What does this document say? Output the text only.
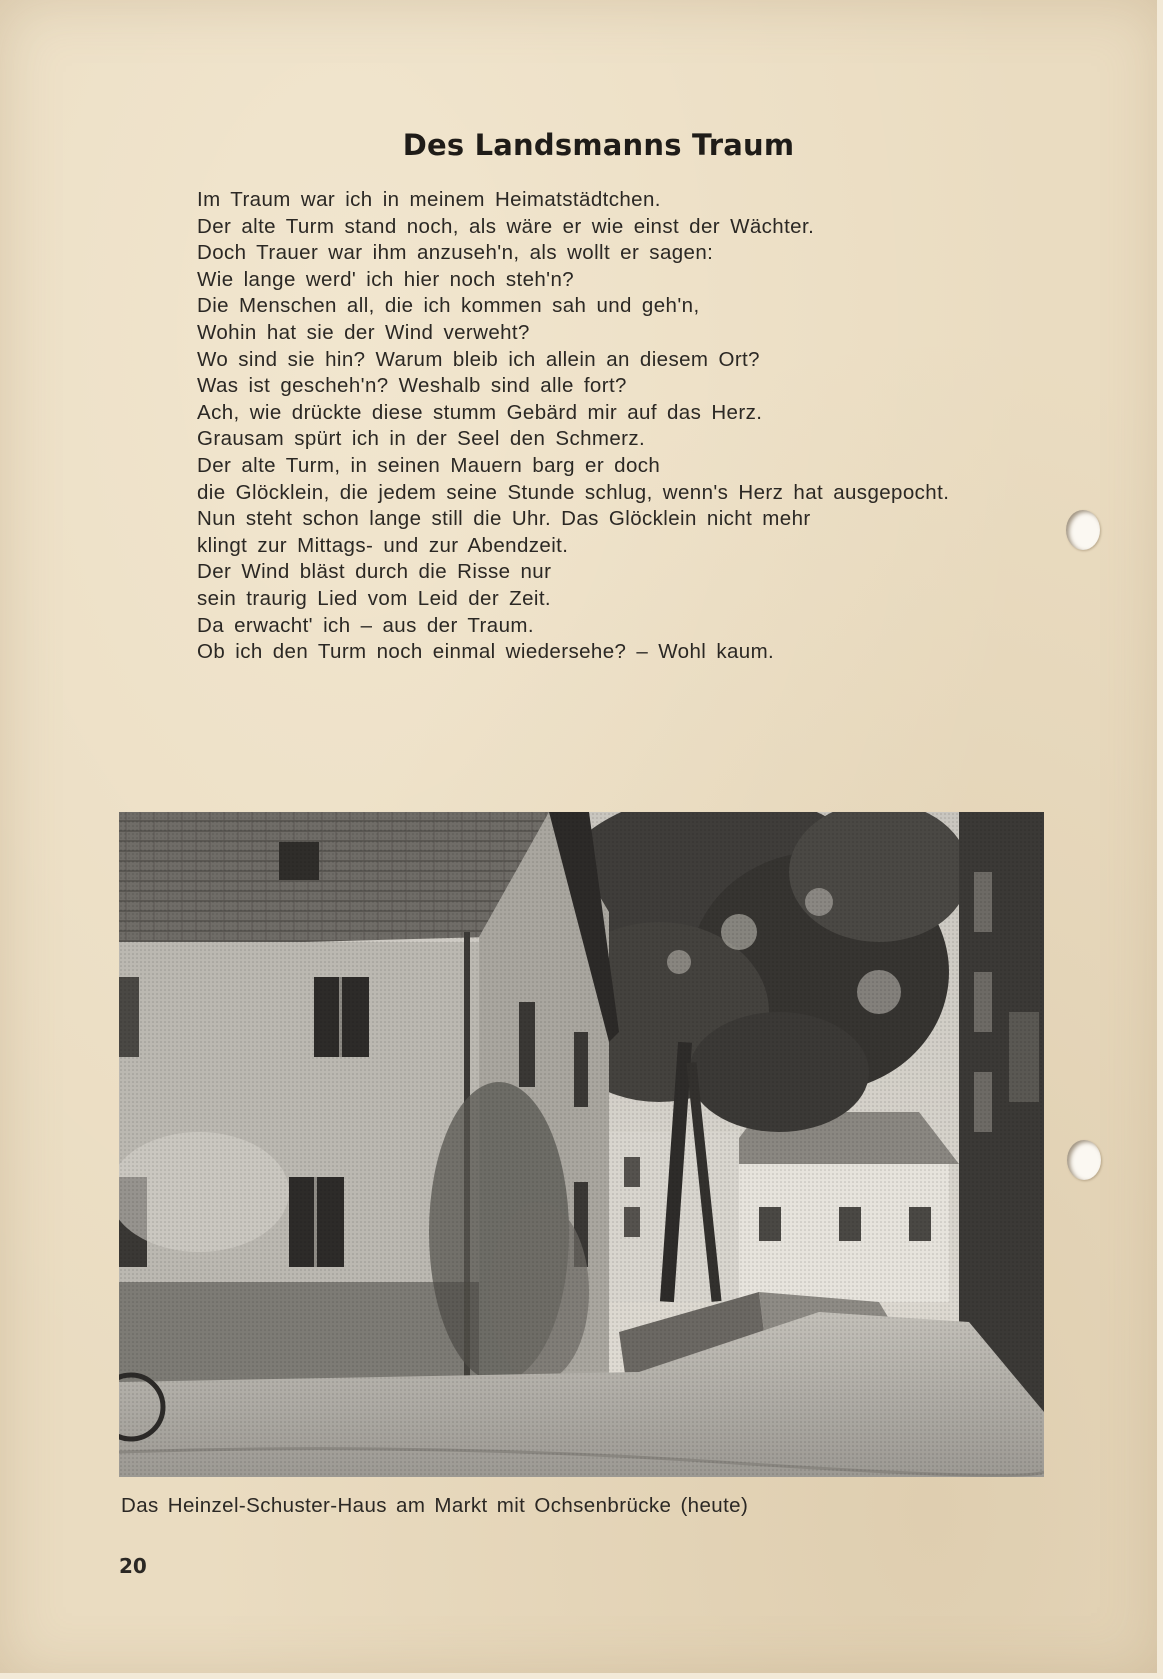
Des Landsmanns Traum
Im Traum war ich in meinem Heimatstädtchen.
Der alte Turm stand noch, als wäre er wie einst der Wächter.
Doch Trauer war ihm anzuseh'n, als wollt er sagen:
Wie lange werd' ich hier noch steh'n?
Die Menschen all, die ich kommen sah und geh'n,
Wohin hat sie der Wind verweht?
Wo sind sie hin? Warum bleib ich allein an diesem Ort?
Was ist gescheh'n? Weshalb sind alle fort?
Ach, wie drückte diese stumm Gebärd mir auf das Herz.
Grausam spürt ich in der Seel den Schmerz.
Der alte Turm, in seinen Mauern barg er doch
die Glöcklein, die jedem seine Stunde schlug, wenn's Herz hat ausgepocht.
Nun steht schon lange still die Uhr. Das Glöcklein nicht mehr
klingt zur Mittags- und zur Abendzeit.
Der Wind bläst durch die Risse nur
sein traurig Lied vom Leid der Zeit.
Da erwacht' ich – aus der Traum.
Ob ich den Turm noch einmal wiedersehe? – Wohl kaum.
Das Heinzel-Schuster-Haus am Markt mit Ochsenbrücke (heute)
20
